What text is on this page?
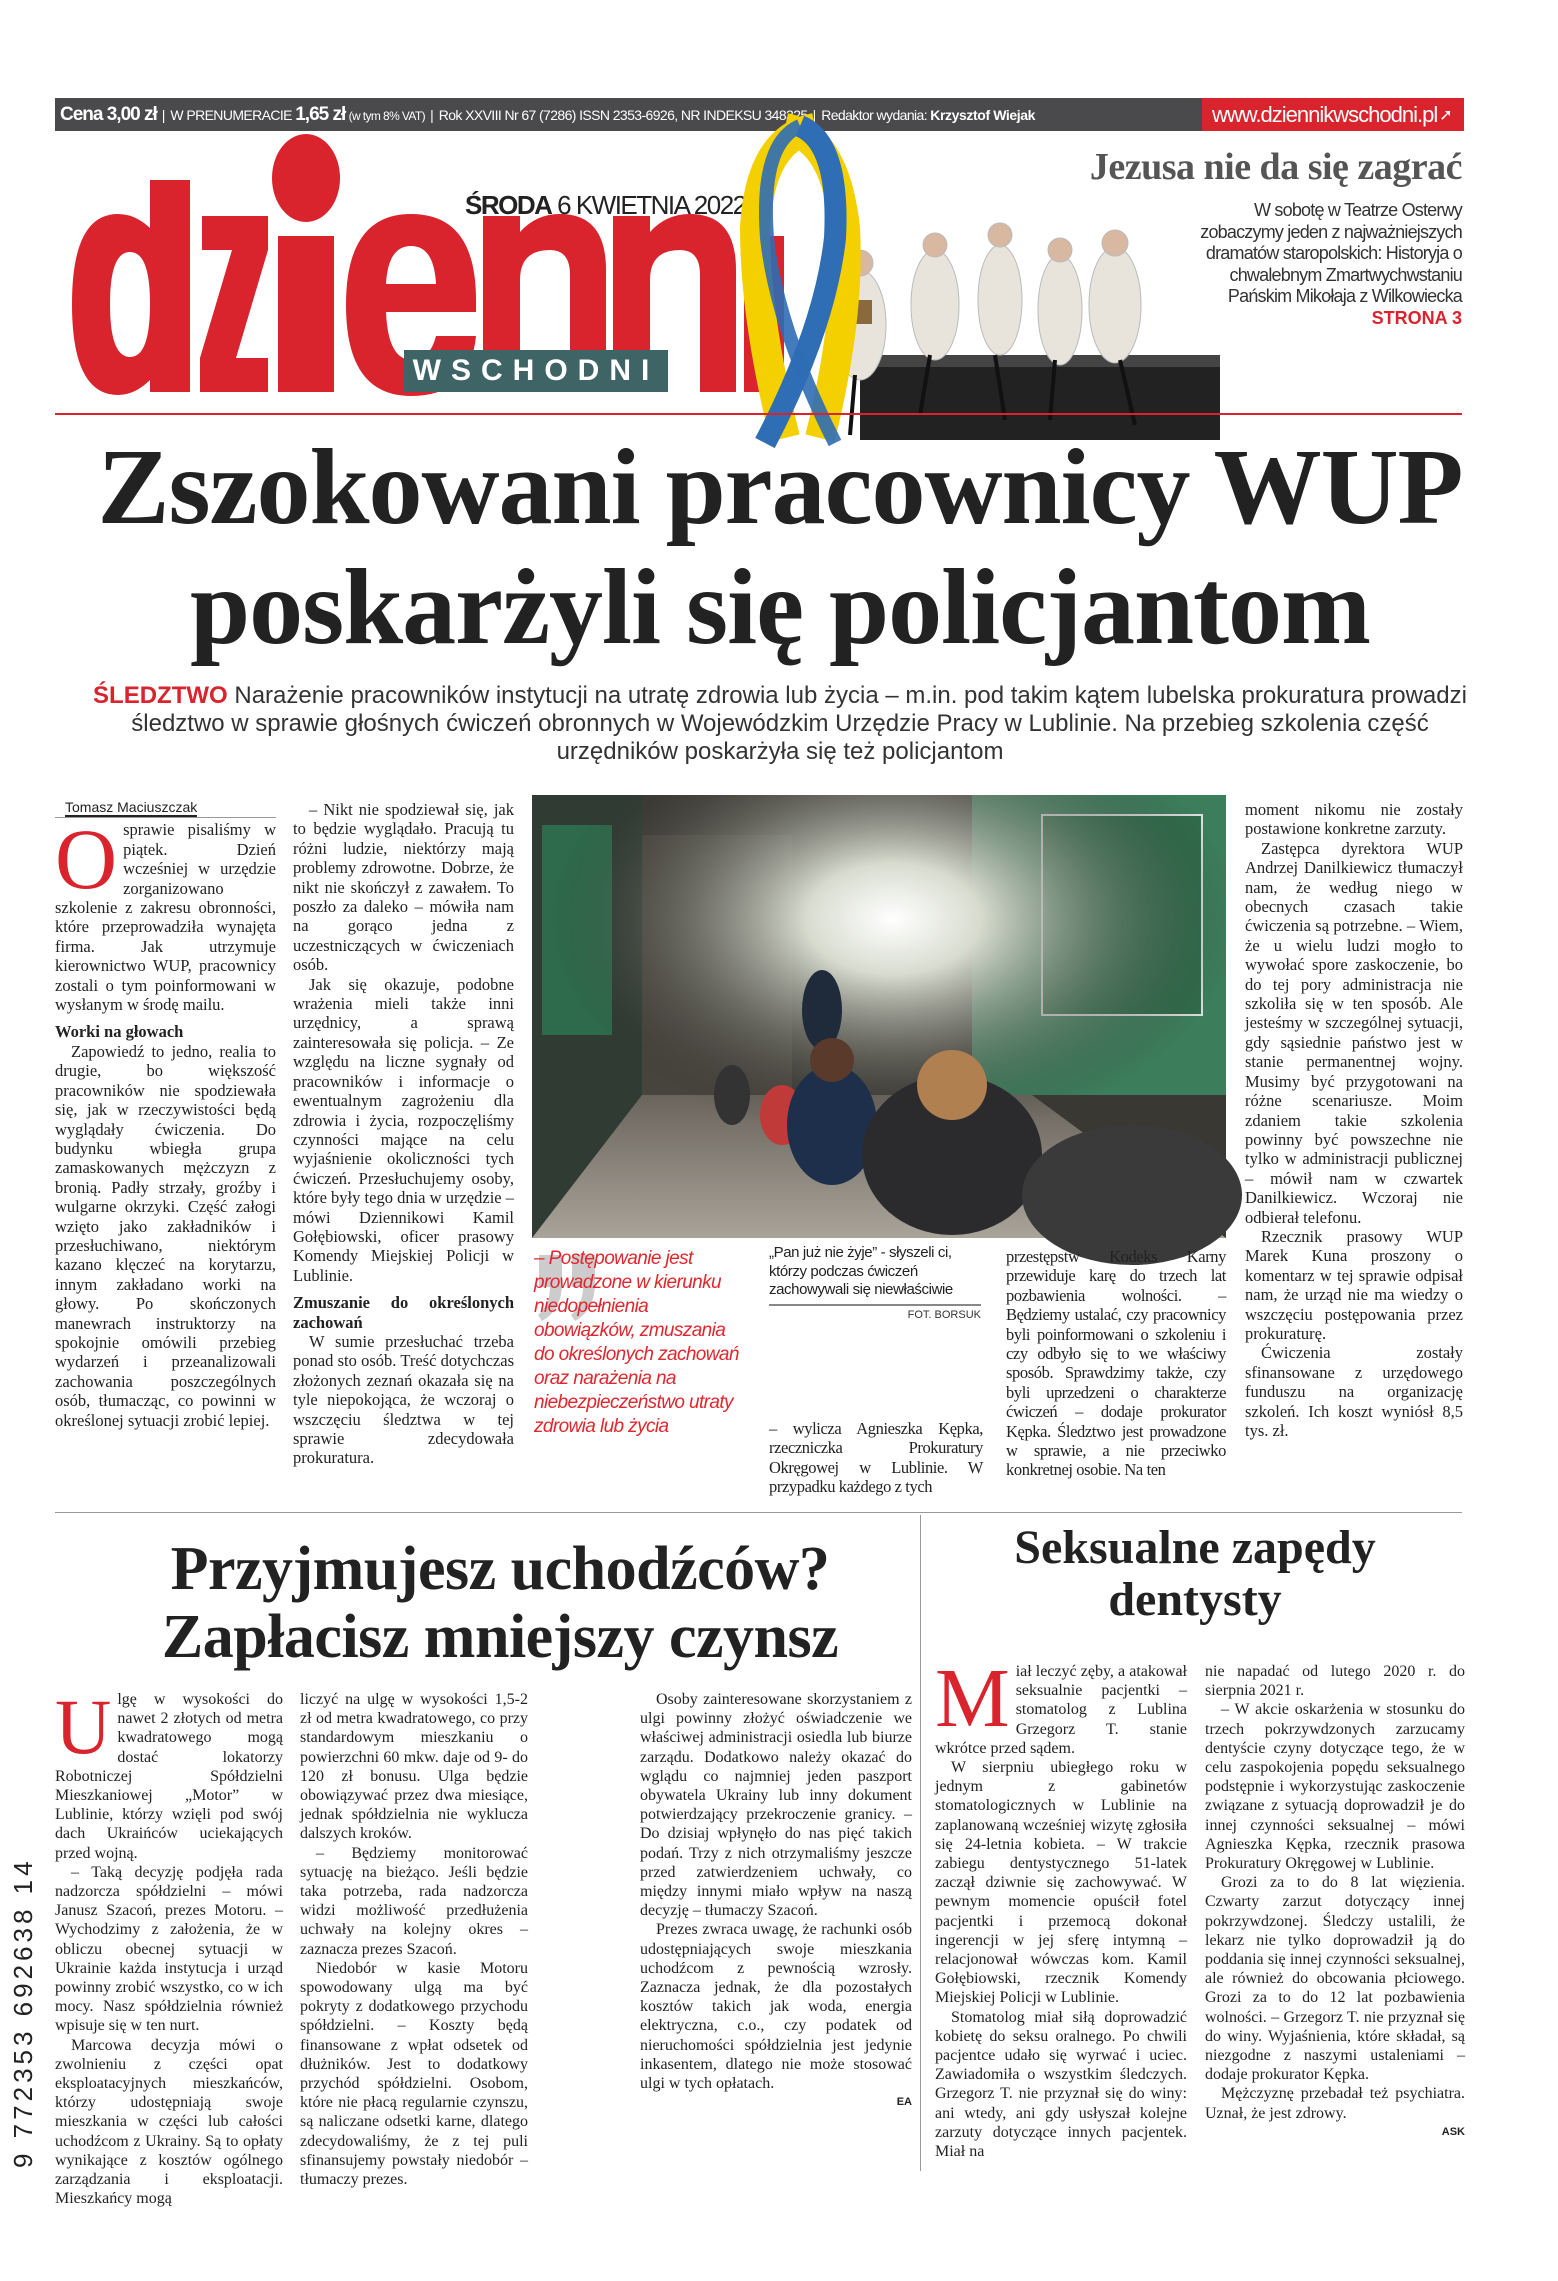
Cena 3,00 zł | W PRENUMERACIE 1,65 zł (w tym 8% VAT) | Rok XXVIII Nr 67 (7286) ISSN 2353-6926, NR INDEKSU 348325 | Redaktor wydania: Krzysztof Wiejak	www.dziennikwschodni.pl ➚
WSCHODNI
ŚRODA 6 KWIETNIA 2022 r.
Jezusa nie da się zagrać
W sobotę w Teatrze Osterwy zobaczymy jeden z najważniejszych dramatów staropolskich: Historyja o chwalebnym Zmartwychwstaniu Pańskim Mikołaja z Wilkowiecka
STRONA 3
Zszokowani pracownicy WUP
poskarżyli się policjantom
ŚLEDZTWO Narażenie pracowników instytucji na utratę zdrowia lub życia – m.in. pod takim kątem lubelska prokuratura prowadzi śledztwo w sprawie głośnych ćwiczeń obronnych w Wojewódzkim Urzędzie Pracy w Lublinie. Na przebieg szkolenia część urzędników poskarżyła się też policjantom
Tomasz Maciuszczak
O sprawie pisaliśmy w piątek. Dzień wcześniej w urzędzie zorganizowano szkolenie z zakresu obronności, które przeprowadziła wynajęta firma. Jak utrzymuje kierownictwo WUP, pracownicy zostali o tym poinformowani w wysłanym w środę mailu.

Worki na głowach

Zapowiedź to jedno, realia to drugie, bo większość pracowników nie spodziewała się, jak w rzeczywistości będą wyglądały ćwiczenia. Do budynku wbiegła grupa zamaskowanych mężczyzn z bronią. Padły strzały, groźby i wulgarne okrzyki. Część załogi wzięto jako zakładników i przesłuchiwano, niektórym kazano klęczeć na korytarzu, innym zakładano worki na głowy. Po skończonych manewrach instruktorzy na spokojnie omówili przebieg wydarzeń i przeanalizowali zachowania poszczególnych osób, tłumacząc, co powinni w określonej sytuacji zrobić lepiej.

– Nikt nie spodziewał się, jak to będzie wyglądało. Pracują tu różni ludzie, niektórzy mają problemy zdrowotne. Dobrze, że nikt nie skończył z zawałem. To poszło za daleko – mówiła nam na gorąco jedna z uczestniczących w ćwiczeniach osób.

Jak się okazuje, podobne wrażenia mieli także inni urzędnicy, a sprawą zainteresowała się policja. – Ze względu na liczne sygnały od pracowników i informacje o ewentualnym zagrożeniu dla zdrowia i życia, rozpoczęliśmy czynności mające na celu wyjaśnienie okoliczności tych ćwiczeń. Przesłuchujemy osoby, które były tego dnia w urzędzie – mówi Dziennikowi Kamil Gołębiowski, oficer prasowy Komendy Miejskiej Policji w Lublinie.

Zmuszanie do określonych zachowań

W sumie przesłuchać trzeba ponad sto osób. Treść dotychczas złożonych zeznań okazała się na tyle niepokojąca, że wczoraj o wszczęciu śledztwa w tej sprawie zdecydowała prokuratura.

– Postępowanie jest prowadzone w kierunku niedopełnienia obowiązków, zmuszania do określonych zachowań oraz narażenia na niebezpieczeństwo utraty zdrowia lub życia
„Pan już nie żyje” - słyszeli ci, którzy podczas ćwiczeń zachowywali się niewłaściwie
FOT. BORSUK

– wylicza Agnieszka Kępka, rzeczniczka Prokuratury Okręgowej w Lublinie. W przypadku każdego z tych

przestępstw Kodeks Karny przewiduje karę do trzech lat pozbawienia wolności. – Będziemy ustalać, czy pracownicy byli poinformowani o szkoleniu i czy odbyło się to we właściwy sposób. Sprawdzimy także, czy byli uprzedzeni o charakterze ćwiczeń – dodaje prokurator Kępka. Śledztwo jest prowadzone w sprawie, a nie przeciwko konkretnej osobie. Na ten

moment nikomu nie zostały postawione konkretne zarzuty.

Zastępca dyrektora WUP Andrzej Danilkiewicz tłumaczył nam, że według niego w obecnych czasach takie ćwiczenia są potrzebne. – Wiem, że u wielu ludzi mogło to wywołać spore zaskoczenie, bo do tej pory administracja nie szkoliła się w ten sposób. Ale jesteśmy w szczególnej sytuacji, gdy sąsiednie państwo jest w stanie permanentnej wojny. Musimy być przygotowani na różne scenariusze. Moim zdaniem takie szkolenia powinny być powszechne nie tylko w administracji publicznej – mówił nam w czwartek Danilkiewicz. Wczoraj nie odbierał telefonu.

Rzecznik prasowy WUP Marek Kuna proszony o komentarz w tej sprawie odpisał nam, że urząd nie ma wiedzy o wszczęciu postępowania przez prokuraturę.

Ćwiczenia zostały sfinansowane z urzędowego funduszu na organizację szkoleń. Ich koszt wyniósł 8,5 tys. zł.

Przyjmujesz uchodźców?
Zapłacisz mniejszy czynsz
U lgę w wysokości do nawet 2 złotych od metra kwadratowego mogą dostać lokatorzy Robotniczej Spółdzielni Mieszkaniowej „Motor” w Lublinie, którzy wzięli pod swój dach Ukraińców uciekających przed wojną.

– Taką decyzję podjęła rada nadzorcza spółdzielni – mówi Janusz Szacoń, prezes Motoru. – Wychodzimy z założenia, że w obliczu obecnej sytuacji w Ukrainie każda instytucja i urząd powinny zrobić wszystko, co w ich mocy. Nasz spółdzielnia również wpisuje się w ten nurt.

Marcowa decyzja mówi o zwolnieniu z części opat eksploatacyjnych mieszkańców, którzy udostępniają swoje mieszkania w części lub całości uchodźcom z Ukrainy. Są to opłaty wynikające z kosztów ogólnego zarządzania i eksploatacji. Mieszkańcy mogą

liczyć na ulgę w wysokości 1,5-2 zł od metra kwadratowego, co przy standardowym mieszkaniu o powierzchni 60 mkw. daje od 9- do 120 zł bonusu. Ulga będzie obowiązywać przez dwa miesiące, jednak spółdzielnia nie wyklucza dalszych kroków.

– Będziemy monitorować sytuację na bieżąco. Jeśli będzie taka potrzeba, rada nadzorcza widzi możliwość przedłużenia uchwały na kolejny okres – zaznacza prezes Szacoń.

Niedobór w kasie Motoru spowodowany ulgą ma być pokryty z dodatkowego przychodu spółdzielni. – Koszty będą finansowane z wpłat odsetek od dłużników. Jest to dodatkowy przychód spółdzielni. Osobom, które nie płacą regularnie czynszu, są naliczane odsetki karne, dlatego zdecydowaliśmy, że z tej puli sfinansujemy powstały niedobór – tłumaczy prezes.

Osoby zainteresowane skorzystaniem z ulgi powinny złożyć oświadczenie we właściwej administracji osiedla lub biurze zarządu. Dodatkowo należy okazać do wglądu co najmniej jeden paszport obywatela Ukrainy lub inny dokument potwierdzający przekroczenie granicy. – Do dzisiaj wpłynęło do nas pięć takich podań. Trzy z nich otrzymaliśmy jeszcze przed zatwierdzeniem uchwały, co między innymi miało wpływ na naszą decyzję – tłumaczy Szacoń.

Prezes zwraca uwagę, że rachunki osób udostępniających swoje mieszkania uchodźcom z pewnością wzrosły. Zaznacza jednak, że dla pozostałych kosztów takich jak woda, energia elektryczna, c.o., czy podatek od nieruchomości spółdzielnia jest jedynie inkasentem, dlatego nie może stosować ulgi w tych opłatach.

EA

Seksualne zapędy
dentysty
M iał leczyć zęby, a atakował seksualnie pacjentki – stomatolog z Lublina Grzegorz T. stanie wkrótce przed sądem.

W sierpniu ubiegłego roku w jednym z gabinetów stomatologicznych w Lublinie na zaplanowaną wcześniej wizytę zgłosiła się 24-letnia kobieta. – W trakcie zabiegu dentystycznego 51-latek zaczął dziwnie się zachowywać. W pewnym momencie opuścił fotel pacjentki i przemocą dokonał ingerencji w jej sferę intymną – relacjonował wówczas kom. Kamil Gołębiowski, rzecznik Komendy Miejskiej Policji w Lublinie.

Stomatolog miał siłą doprowadzić kobietę do seksu oralnego. Po chwili pacjentce udało się wyrwać i uciec. Zawiadomiła o wszystkim śledczych. Grzegorz T. nie przyznał się do winy: ani wtedy, ani gdy usłyszał kolejne zarzuty dotyczące innych pacjentek. Miał na

nie napadać od lutego 2020 r. do sierpnia 2021 r.

– W akcie oskarżenia w stosunku do trzech pokrzywdzonych zarzucamy dentyście czyny dotyczące tego, że w celu zaspokojenia popędu seksualnego podstępnie i wykorzystując zaskoczenie związane z sytuacją doprowadził je do innej czynności seksualnej – mówi Agnieszka Kępka, rzecznik prasowa Prokuratury Okręgowej w Lublinie.

Grozi za to do 8 lat więzienia. Czwarty zarzut dotyczący innej pokrzywdzonej. Śledczy ustalili, że lekarz nie tylko doprowadził ją do poddania się innej czynności seksualnej, ale również do obcowania płciowego. Grozi za to do 12 lat pozbawienia wolności. – Grzegorz T. nie przyznał się do winy. Wyjaśnienia, które składał, są niezgodne z naszymi ustaleniami – dodaje prokurator Kępka.

Mężczyznę przebadał też psychiatra. Uznał, że jest zdrowy.

ASK

9 772353 692638 14
